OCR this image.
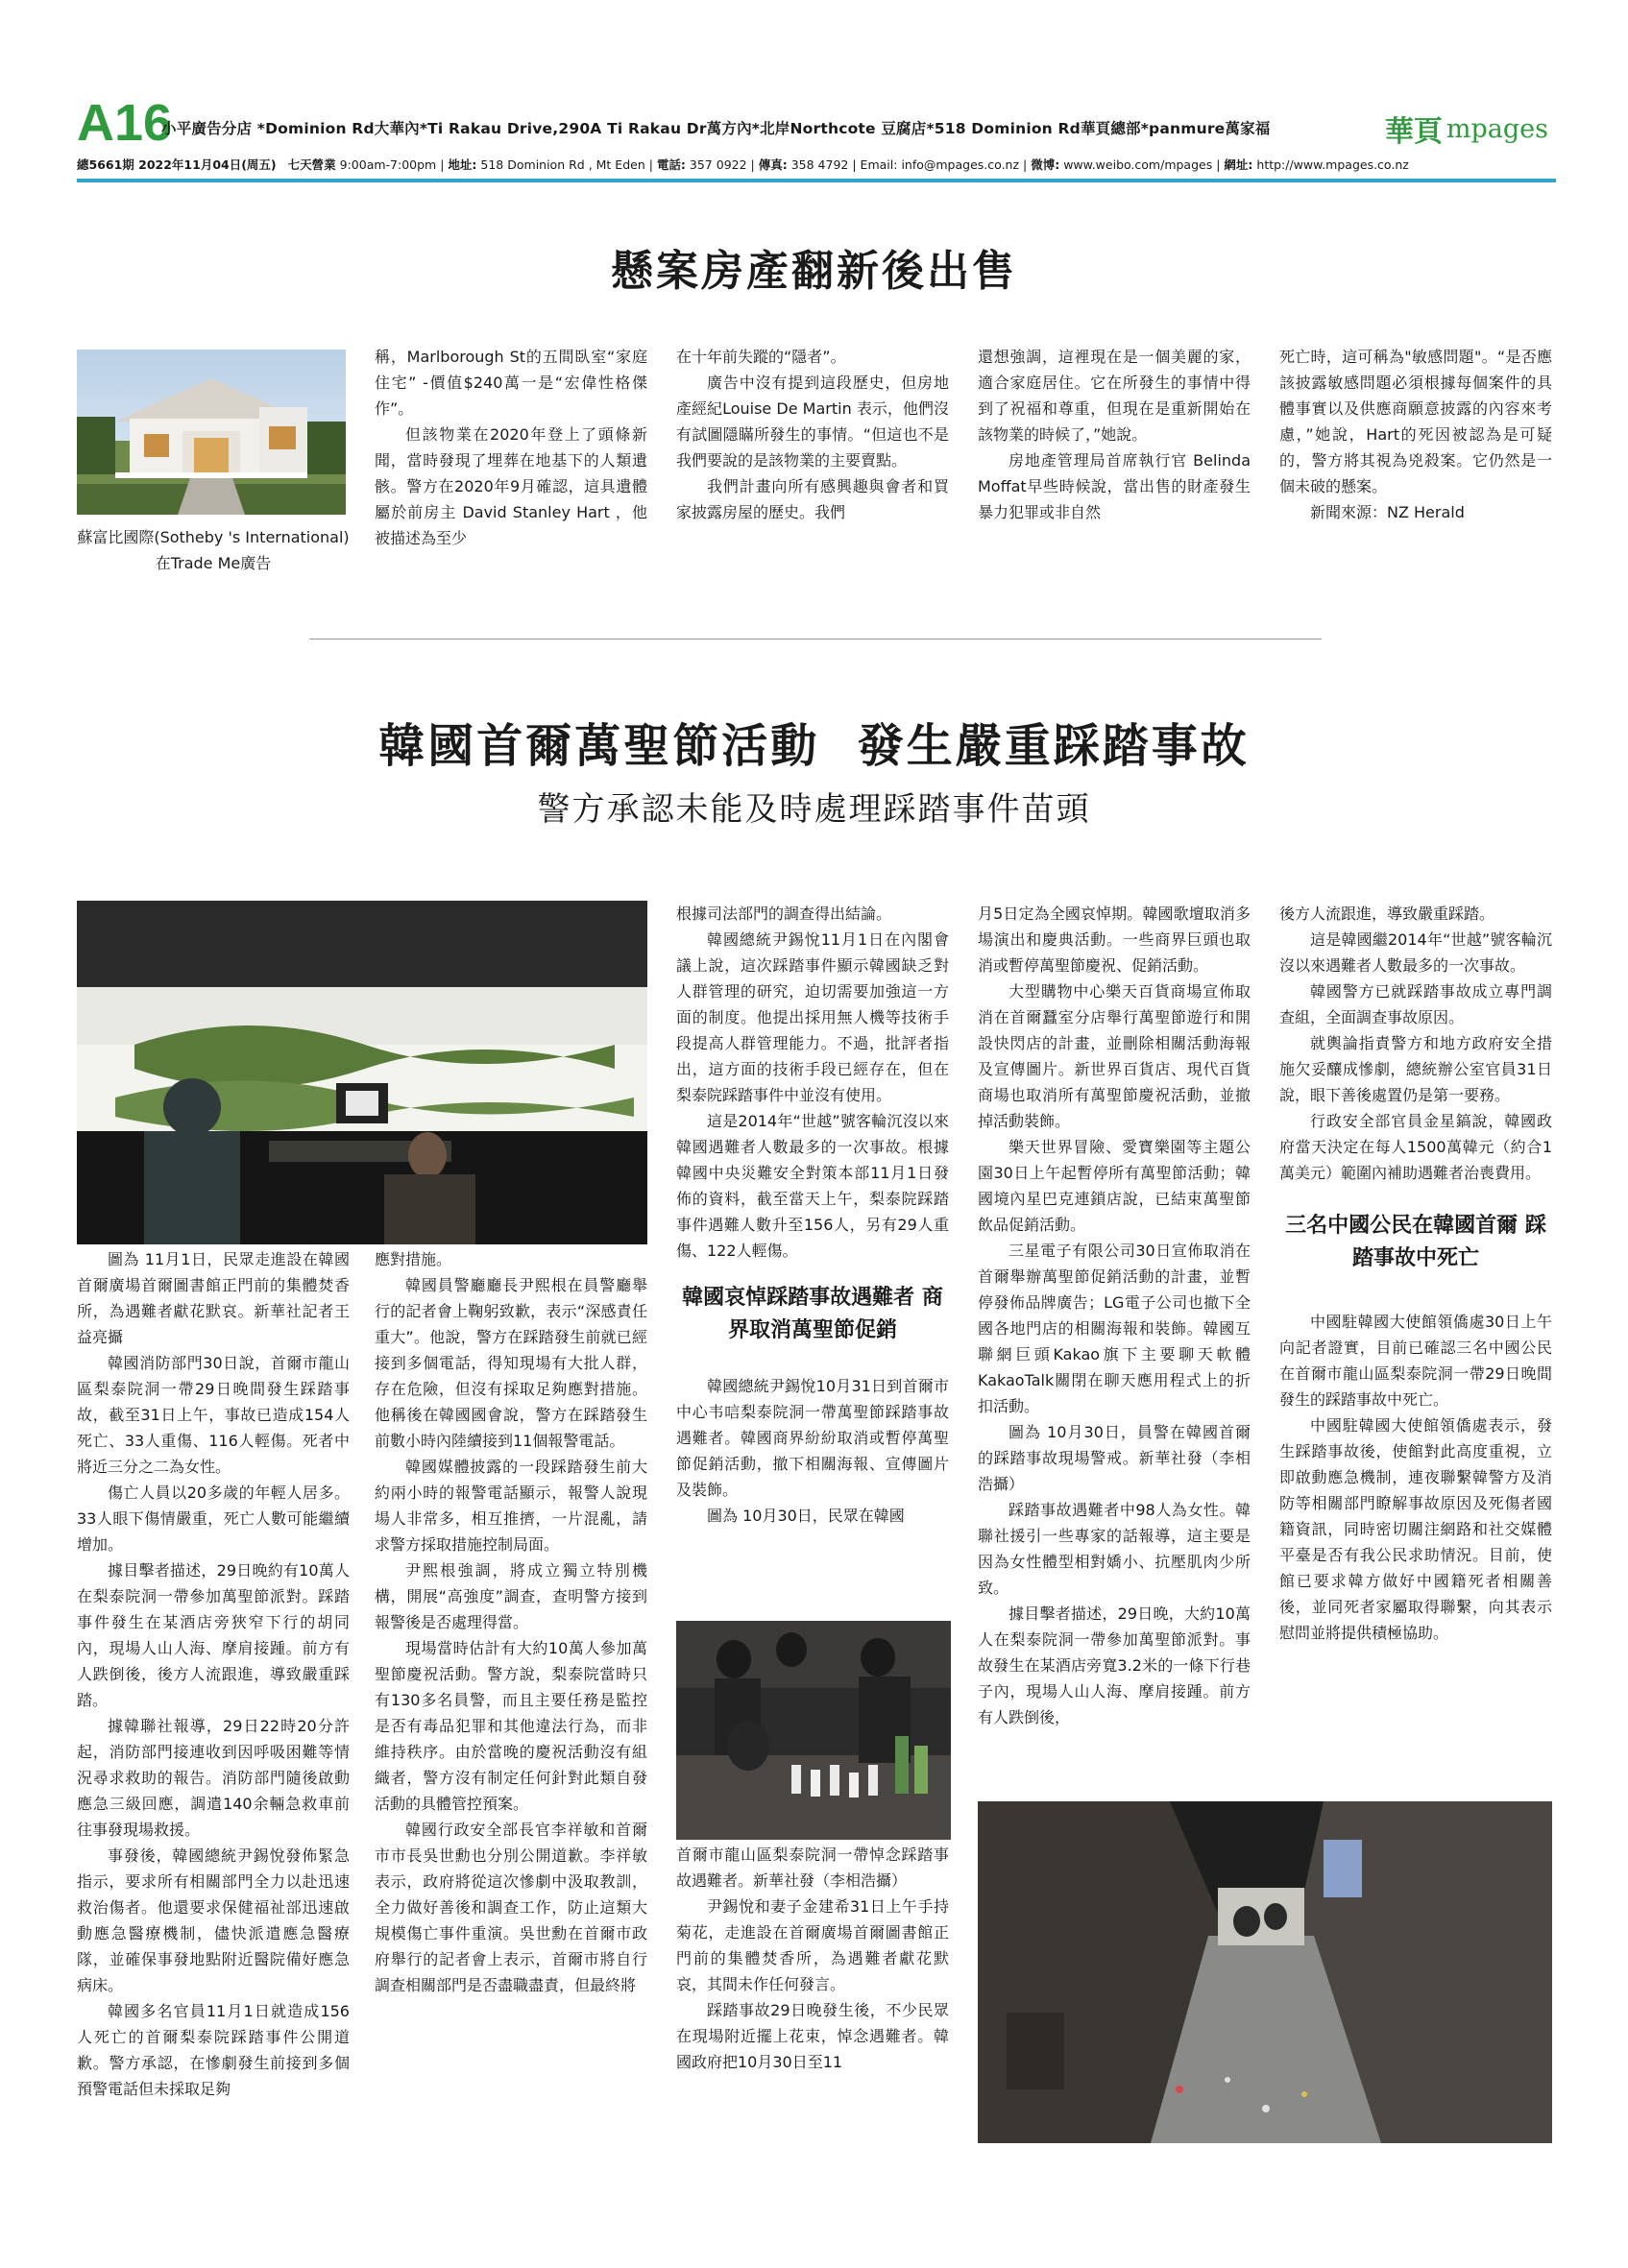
A16
小平廣告分店 *Dominion Rd大華內*Ti Rakau Drive,290A Ti Rakau Dr萬方內*北岸Northcote 豆腐店*518 Dominion Rd華頁總部*panmure萬家福	華頁 mpages
總5661期 2022年11月04日(周五) 七天營業 9:00am-7:00pm | 地址: 518 Dominion Rd , Mt Eden | 電話: 357 0922 | 傳真: 358 4792 | Email: info@mpages.co.nz | 微博: www.weibo.com/mpages | 網址: http://www.mpages.co.nz
懸案房產翻新後出售
蘇富比國際(Sotheby 's International)在Trade Me廣告

稱，Marlborough St的五間臥室“家庭住宅” -價值$240萬一是“宏偉性格傑作”。

但該物業在2020年登上了頭條新聞，當時發現了埋葬在地基下的人類遺骸。警方在2020年9月確認，這具遺體屬於前房主 David Stanley Hart ，他被描述為至少

在十年前失蹤的“隱者”。

廣告中沒有提到這段歷史，但房地產經紀Louise De Martin 表示，他們沒有試圖隱瞞所發生的事情。“但這也不是我們要說的是該物業的主要賣點。

我們計畫向所有感興趣與會者和買家披露房屋的歷史。我們

還想強調，這裡現在是一個美麗的家，適合家庭居住。它在所發生的事情中得到了祝福和尊重，但現在是重新開始在該物業的時候了，”她說。

房地產管理局首席執行官 Belinda Moffat早些時候說，當出售的財產發生暴力犯罪或非自然

死亡時，這可稱為"敏感問題"。“是否應該披露敏感問題必須根據每個案件的具體事實以及供應商願意披露的內容來考慮，”她說，Hart的死因被認為是可疑的，警方將其視為兇殺案。它仍然是一個未破的懸案。

新聞來源：NZ Herald

韓國首爾萬聖節活動  發生嚴重踩踏事故
警方承認未能及時處理踩踏事件苗頭

圖為 11月1日，民眾走進設在韓國首爾廣場首爾圖書館正門前的集體焚香所，為遇難者獻花默哀。新華社記者王益亮攝

韓國消防部門30日說，首爾市龍山區梨泰院洞一帶29日晚間發生踩踏事故，截至31日上午，事故已造成154人死亡、33人重傷、116人輕傷。死者中將近三分之二為女性。

傷亡人員以20多歲的年輕人居多。33人眼下傷情嚴重，死亡人數可能繼續增加。

據目擊者描述，29日晚約有10萬人在梨泰院洞一帶參加萬聖節派對。踩踏事件發生在某酒店旁狹窄下行的胡同內，現場人山人海、摩肩接踵。前方有人跌倒後，後方人流跟進，導致嚴重踩踏。

據韓聯社報導，29日22時20分許起，消防部門接連收到因呼吸困難等情況尋求救助的報告。消防部門隨後啟動應急三級回應，調遣140余輛急救車前往事發現場救援。

事發後，韓國總統尹錫悅發佈緊急指示，要求所有相關部門全力以赴迅速救治傷者。他還要求保健福祉部迅速啟動應急醫療機制，儘快派遣應急醫療隊，並確保事發地點附近醫院備好應急病床。

韓國多名官員11月1日就造成156人死亡的首爾梨泰院踩踏事件公開道歉。警方承認，在慘劇發生前接到多個預警電話但未採取足夠

應對措施。

韓國員警廳廳長尹熙根在員警廳舉行的記者會上鞠躬致歉，表示“深感責任重大”。他說，警方在踩踏發生前就已經接到多個電話，得知現場有大批人群，存在危險，但沒有採取足夠應對措施。他稱後在韓國國會說，警方在踩踏發生前數小時內陸續接到11個報警電話。

韓國媒體披露的一段踩踏發生前大約兩小時的報警電話顯示，報警人說現場人非常多，相互推擠，一片混亂，請求警方採取措施控制局面。

尹熙根強調，將成立獨立特別機構，開展“高強度”調查，查明警方接到報警後是否處理得當。

現場當時估計有大約10萬人參加萬聖節慶祝活動。警方說，梨泰院當時只有130多名員警，而且主要任務是監控是否有毒品犯罪和其他違法行為，而非維持秩序。由於當晚的慶祝活動沒有組織者，警方沒有制定任何針對此類自發活動的具體管控預案。

韓國行政安全部長官李祥敏和首爾市市長吳世勳也分別公開道歉。李祥敏表示，政府將從這次慘劇中汲取教訓，全力做好善後和調查工作，防止這類大規模傷亡事件重演。吳世勳在首爾市政府舉行的記者會上表示，首爾市將自行調查相關部門是否盡職盡責，但最終將

根據司法部門的調查得出結論。

韓國總統尹錫悅11月1日在內閣會議上說，這次踩踏事件顯示韓國缺乏對人群管理的研究，迫切需要加強這一方面的制度。他提出採用無人機等技術手段提高人群管理能力。不過，批評者指出，這方面的技術手段已經存在，但在梨泰院踩踏事件中並沒有使用。

這是2014年“世越”號客輪沉沒以來韓國遇難者人數最多的一次事故。根據韓國中央災難安全對策本部11月1日發佈的資料，截至當天上午，梨泰院踩踏事件遇難人數升至156人，另有29人重傷、122人輕傷。

韓國哀悼踩踏事故遇難者 商界取消萬聖節促銷

韓國總統尹錫悅10月31日到首爾市中心韦唁梨泰院洞一帶萬聖節踩踏事故遇難者。韓國商界紛紛取消或暫停萬聖節促銷活動，撤下相關海報、宣傳圖片及裝飾。

圖為 10月30日，民眾在韓國

首爾市龍山區梨泰院洞一帶悼念踩踏事故遇難者。新華社發（李相浩攝）

尹錫悅和妻子金建希31日上午手持菊花，走進設在首爾廣場首爾圖書館正門前的集體焚香所，為遇難者獻花默哀，其間未作任何發言。

踩踏事故29日晚發生後，不少民眾在現場附近擺上花束，悼念遇難者。韓國政府把10月30日至11

月5日定為全國哀悼期。韓國歌壇取消多場演出和慶典活動。一些商界巨頭也取消或暫停萬聖節慶祝、促銷活動。

大型購物中心樂天百貨商場宣佈取消在首爾蠶室分店舉行萬聖節遊行和開設快閃店的計畫，並刪除相關活動海報及宣傳圖片。新世界百貨店、現代百貨商場也取消所有萬聖節慶祝活動，並撤掉活動裝飾。

樂天世界冒險、愛寶樂園等主題公園30日上午起暫停所有萬聖節活動；韓國境內星巴克連鎖店說，已結束萬聖節飲品促銷活動。

三星電子有限公司30日宣佈取消在首爾舉辦萬聖節促銷活動的計畫，並暫停發佈品牌廣告；LG電子公司也撤下全國各地門店的相關海報和裝飾。韓國互聯網巨頭Kakao旗下主要聊天軟體KakaoTalk關閉在聊天應用程式上的折扣活動。

圖為 10月30日，員警在韓國首爾的踩踏事故現場警戒。新華社發（李相浩攝）

踩踏事故遇難者中98人為女性。韓聯社援引一些專家的話報導，這主要是因為女性體型相對嬌小、抗壓肌肉少所致。

據目擊者描述，29日晚，大約10萬人在梨泰院洞一帶參加萬聖節派對。事故發生在某酒店旁寬3.2米的一條下行巷子內，現場人山人海、摩肩接踵。前方有人跌倒後，

後方人流跟進，導致嚴重踩踏。

這是韓國繼2014年“世越”號客輪沉沒以來遇難者人數最多的一次事故。

韓國警方已就踩踏事故成立專門調查組，全面調查事故原因。

就輿論指責警方和地方政府安全措施欠妥釀成慘劇，總統辦公室官員31日說，眼下善後處置仍是第一要務。

行政安全部官員金星鎬說，韓國政府當天決定在每人1500萬韓元（約合1萬美元）範圍內補助遇難者治喪費用。

三名中國公民在韓國首爾 踩踏事故中死亡

中國駐韓國大使館領僑處30日上午向記者證實，目前已確認三名中國公民在首爾市龍山區梨泰院洞一帶29日晚間發生的踩踏事故中死亡。

中國駐韓國大使館領僑處表示，發生踩踏事故後，使館對此高度重視，立即啟動應急機制，連夜聯繫韓警方及消防等相關部門瞭解事故原因及死傷者國籍資訊，同時密切關注網路和社交媒體平臺是否有我公民求助情況。目前，使館已要求韓方做好中國籍死者相關善後，並同死者家屬取得聯繫，向其表示慰問並將提供積極協助。
